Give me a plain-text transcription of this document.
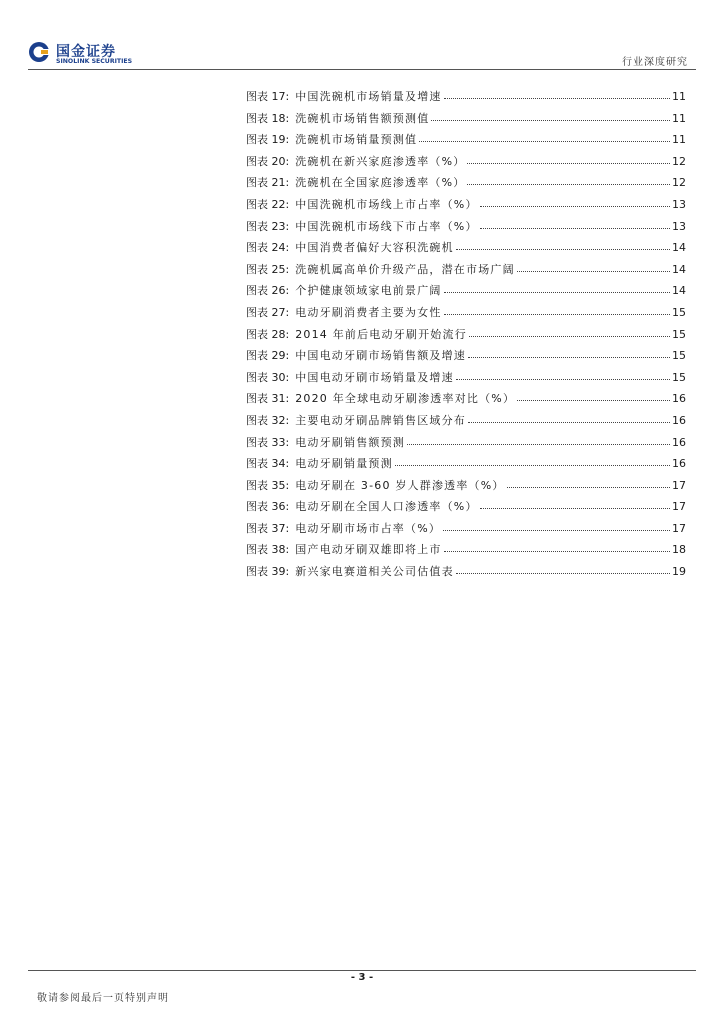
国金证券
SINOLINK SECURITIES	行业深度研究
图表 17: 中国洗碗机市场销量及增速	11
图表 18: 洗碗机市场销售额预测值	11
图表 19: 洗碗机市场销量预测值	11
图表 20: 洗碗机在新兴家庭渗透率（%）	12
图表 21: 洗碗机在全国家庭渗透率（%）	12
图表 22: 中国洗碗机市场线上市占率（%）	13
图表 23: 中国洗碗机市场线下市占率（%）	13
图表 24: 中国消费者偏好大容积洗碗机	14
图表 25: 洗碗机属高单价升级产品，潜在市场广阔	14
图表 26: 个护健康领域家电前景广阔	14
图表 27: 电动牙刷消费者主要为女性	15
图表 28: 2014 年前后电动牙刷开始流行	15
图表 29: 中国电动牙刷市场销售额及增速	15
图表 30: 中国电动牙刷市场销量及增速	15
图表 31: 2020 年全球电动牙刷渗透率对比（%）	16
图表 32: 主要电动牙刷品牌销售区域分布	16
图表 33: 电动牙刷销售额预测	16
图表 34: 电动牙刷销量预测	16
图表 35: 电动牙刷在 3-60 岁人群渗透率（%）	17
图表 36: 电动牙刷在全国人口渗透率（%）	17
图表 37: 电动牙刷市场市占率（%）	17
图表 38: 国产电动牙刷双雄即将上市	18
图表 39: 新兴家电赛道相关公司估值表	19
- 3 -
敬请参阅最后一页特别声明
